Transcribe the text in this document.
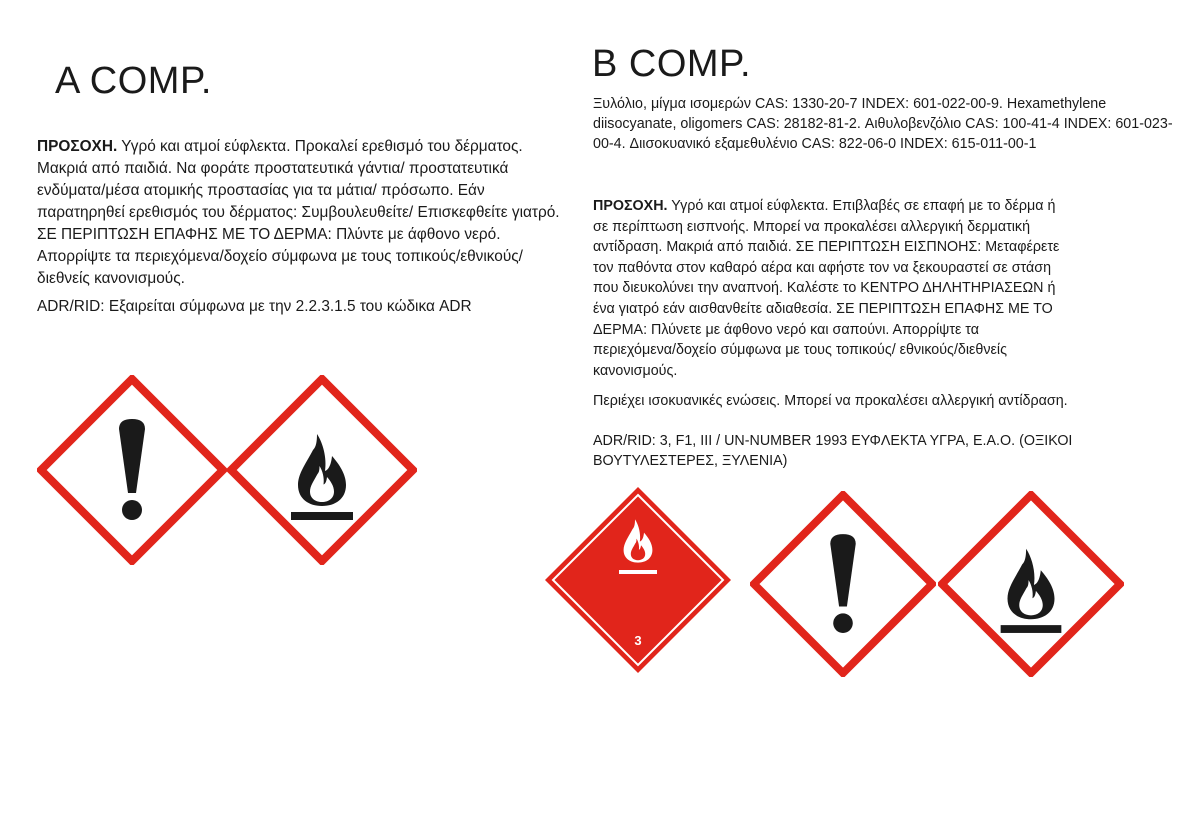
A COMP.

ΠΡΟΣΟΧΗ. Υγρό και ατμοί εύφλεκτα. Προκαλεί ερεθισμό του δέρματος. Μακριά από παιδιά. Να φοράτε προστατευτικά γάντια/ προστατευτικά ενδύματα/μέσα ατομικής προστασίας για τα μάτια/ πρόσωπο. Εάν παρατηρηθεί ερεθισμός του δέρματος: Συμβουλευθείτε/ Επισκεφθείτε γιατρό. ΣΕ ΠΕΡΙΠΤΩΣΗ ΕΠΑΦΗΣ ΜΕ ΤΟ ΔΕΡΜΑ: Πλύντε με άφθονο νερό. Απορρίψτε τα περιεχόμενα/δοχείο σύμφωνα με τους τοπικούς/εθνικούς/διεθνείς κανονισμούς.

ADR/RID: Εξαιρείται σύμφωνα με την 2.2.3.1.5 του κώδικα ADR

B COMP.

Ξυλόλιο, μίγμα ισομερών CAS: 1330-20-7 INDEX: 601-022-00-9. Hexamethylene diisocyanate, oligomers CAS: 28182-81-2. Αιθυλοβενζόλιο CAS: 100-41-4 INDEX: 601-023-00-4. Διισοκυανικό εξαμεθυλένιο CAS: 822-06-0 INDEX: 615-011-00-1

ΠΡΟΣΟΧΗ. Υγρό και ατμοί εύφλεκτα. Επιβλαβές σε επαφή με το δέρμα ή σε περίπτωση εισπνοής. Μπορεί να προκαλέσει αλλεργική δερματική αντίδραση. Μακριά από παιδιά. ΣΕ ΠΕΡΙΠΤΩΣΗ ΕΙΣΠΝΟΗΣ: Μεταφέρετε τον παθόντα στον καθαρό αέρα και αφήστε τον να ξεκουραστεί σε στάση που διευκολύνει την αναπνοή. Καλέστε το ΚΕΝΤΡΟ ΔΗΛΗΤΗΡΙΑΣΕΩΝ ή ένα γιατρό εάν αισθανθείτε αδιαθεσία. ΣΕ ΠΕΡΙΠΤΩΣΗ ΕΠΑΦΗΣ ΜΕ ΤΟ ΔΕΡΜΑ: Πλύνετε με άφθονο νερό και σαπούνι. Απορρίψτε τα περιεχόμενα/δοχείο σύμφωνα με τους τοπικούς/ εθνικούς/διεθνείς κανονισμούς.

Περιέχει ισοκυανικές ενώσεις. Μπορεί να προκαλέσει αλλεργική αντίδραση.

ADR/RID: 3, F1, III / UN-NUMBER 1993 ΕΥΦΛΕΚΤΑ ΥΓΡΑ, Ε.Α.Ο. (ΟΞΙΚΟΙ ΒΟΥΤΥΛΕΣΤΕΡΕΣ, ΞΥΛΕΝΙΑ)

3
